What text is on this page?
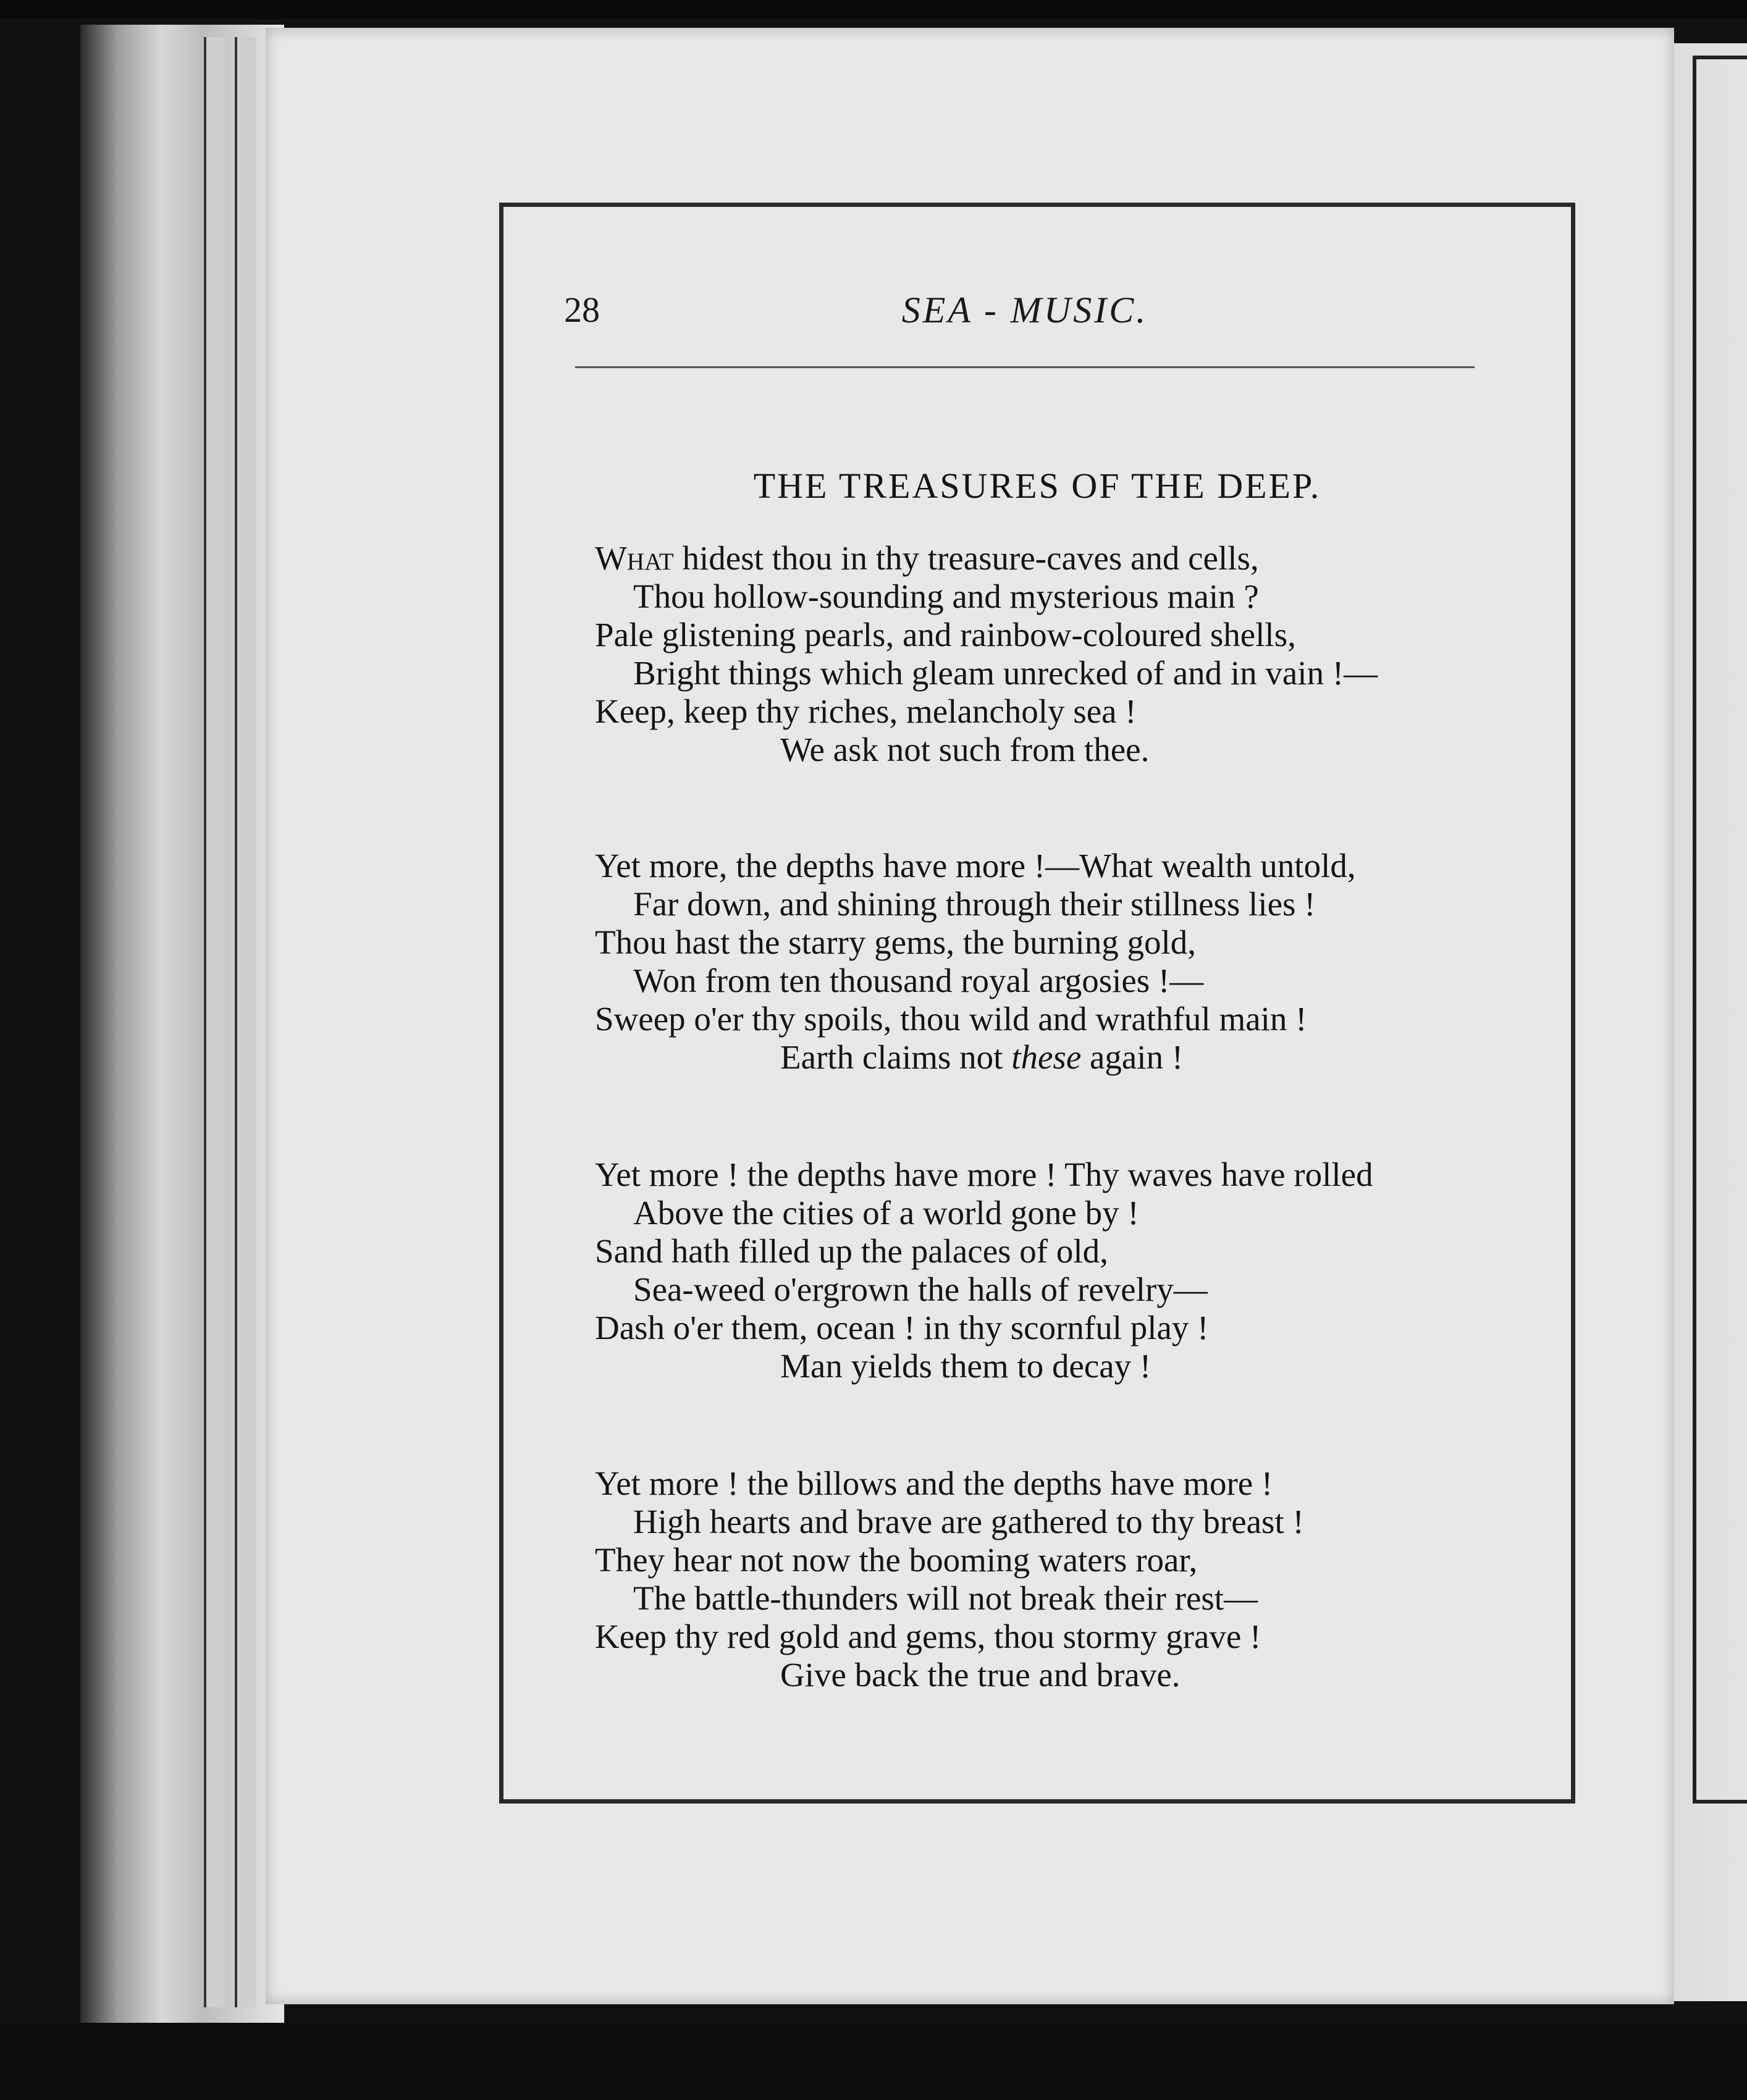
28	SEA - MUSIC.
THE TREASURES OF THE DEEP.
What hidest thou in thy treasure-caves and cells,
Thou hollow-sounding and mysterious main ?
Pale glistening pearls, and rainbow-coloured shells,
Bright things which gleam unrecked of and in vain !—
Keep, keep thy riches, melancholy sea !
We ask not such from thee.
Yet more, the depths have more !—What wealth untold,
Far down, and shining through their stillness lies !
Thou hast the starry gems, the burning gold,
Won from ten thousand royal argosies !—
Sweep o'er thy spoils, thou wild and wrathful main !
Earth claims not these again !
Yet more ! the depths have more ! Thy waves have rolled
Above the cities of a world gone by !
Sand hath filled up the palaces of old,
Sea-weed o'ergrown the halls of revelry—
Dash o'er them, ocean ! in thy scornful play !
Man yields them to decay !
Yet more ! the billows and the depths have more !
High hearts and brave are gathered to thy breast !
They hear not now the booming waters roar,
The battle-thunders will not break their rest—
Keep thy red gold and gems, thou stormy grave !
Give back the true and brave.
